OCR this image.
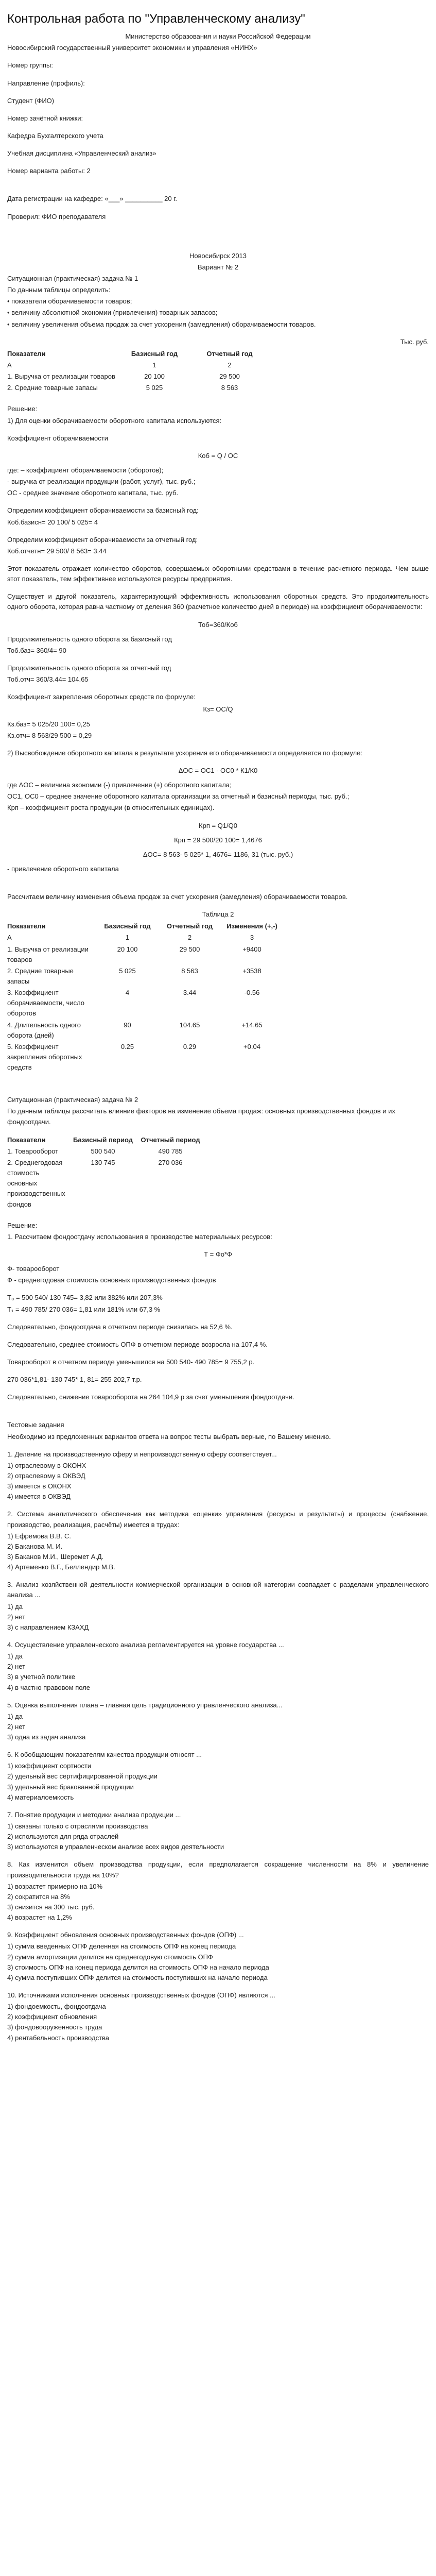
Контрольная работа по "Управленческому анализу"
Министерство образования и науки Российской Федерации
Новосибирский государственный университет экономики и управления «НИНХ»
Номер группы:
Направление (профиль):
Студент (ФИО)
Номер зачётной книжки:
Кафедра Бухгалтерского учета
Учебная дисциплина «Управленческий анализ»
Номер варианта работы: 2
Дата регистрации на кафедре: «___» __________ 20 г.
Проверил: ФИО преподавателя
Новосибирск 2013
Вариант № 2
Ситуационная (практическая) задача № 1
По данным таблицы определить:
• показатели оборачиваемости товаров;
• величину абсолютной экономии (привлечения) товарных запасов;
• величину увеличения объема продаж за счет ускорения (замедления) оборачиваемости товаров.
Тыс. руб.
Показатели	Базисный год	Отчетный год
А	1	2
1. Выручка от реализации товаров	20 100	29 500
2. Средние товарные запасы	5 025	8 563
Решение:
1) Для оценки оборачиваемости оборотного капитала используются:
Коэффициент оборачиваемости
Коб = Q / ОС
где: – коэффициент оборачиваемости (оборотов);
- выручка от реализации продукции (работ, услуг), тыс. руб.;
ОС - среднее значение оборотного капитала, тыс. руб.
Определим коэффициент оборачиваемости за базисный год:
Коб.базисн= 20 100/ 5 025= 4
Определим коэффициент оборачиваемости за отчетный год:
Коб.отчетн= 29 500/ 8 563= 3.44
Этот показатель отражает количество оборотов, совершаемых оборотными средствами в течение расчетного периода. Чем выше этот показатель, тем эффективнее используются ресурсы предприятия.
Существует и другой показатель, характеризующий эффективность использования оборотных средств. Это продолжительность одного оборота, которая равна частному от деления 360 (расчетное количество дней в периоде) на коэффициент оборачиваемости:
Тоб=360/Коб
Продолжительность одного оборота за базисный год
Тоб.баз= 360/4= 90
Продолжительность одного оборота за отчетный год
Тоб.отч= 360/3.44= 104.65
Коэффициент закрепления оборотных средств по формуле:
Кз= ОС/Q
Кз.баз= 5 025/20 100= 0,25
Кз.отч= 8 563/29 500 = 0,29
2) Высвобождение оборотного капитала в результате ускорения его оборачиваемости определяется по формуле:
ΔОС = ОС1 - ОС0 * К1/К0
где ΔОС – величина экономии (-) привлечения (+) оборотного капитала;
ОС1, ОС0 – среднее значение оборотного капитала организации за отчетный и базисный периоды, тыс. руб.;
Крп – коэффициент роста продукции (в относительных единицах).
Крп = Q1/Q0
Крп = 29 500/20 100= 1,4676
ΔОС= 8 563- 5 025* 1, 4676= 1186, 31 (тыс. руб.)
- привлечение оборотного капитала
Рассчитаем величину изменения объема продаж за счет ускорения (замедления) оборачиваемости товаров.
Таблица 2
Показатели	Базисный год	Отчетный год	Изменения (+,-)
А	1	2	3
1. Выручка от реализации товаров	20 100	29 500	+9400
2. Средние товарные запасы	5 025	8 563	+3538
3. Коэффициент оборачиваемости, число оборотов	4	3.44	-0.56
4. Длительность одного оборота (дней)	90	104.65	+14.65
5. Коэффициент закрепления оборотных средств	0.25	0.29	+0.04
Ситуационная (практическая) задача № 2
По данным таблицы рассчитать влияние факторов на изменение объема продаж: основных производственных фондов и их фондоотдачи.
Показатели	Базисный период	Отчетный период
1. Товарооборот	500 540	490 785
2. Среднегодовая стоимость основных производственных фондов	130 745	270 036
Решение:
1. Рассчитаем фондоотдачу использования в производстве материальных ресурсов:
Т = Фо*Ф
Ф- товарооборот
Ф - среднегодовая стоимость основных производственных фондов
Т₀ = 500 540/ 130 745= 3,82 или 382% или 207,3%
Т₁ = 490 785/ 270 036= 1,81 или 181% или 67,3 %
Следовательно, фондоотдача в отчетном периоде снизилась на 52,6 %.
Следовательно, среднее стоимость ОПФ в отчетном периоде возросла на 107,4 %.
Товарооборот в отчетном периоде уменьшился на 500 540- 490 785= 9 755,2 р.
270 036*1,81- 130 745* 1, 81= 255 202,7 т.р.
Следовательно, снижение товарооборота на 264 104,9 р за счет уменьшения фондоотдачи.
Тестовые задания
Необходимо из предложенных вариантов ответа на вопрос тесты выбрать верные, по Вашему мнению.
1. Деление на производственную сферу и непроизводственную сферу соответствует...
1) отраслевому в ОКОНХ
2) отраслевому в ОКВЭД
3) имеется в ОКОНХ
4) имеется в ОКВЭД
2. Система аналитического обеспечения как методика «оценки» управления (ресурсы и результаты) и процессы (снабжение, производство, реализация, расчёты) имеется в трудах:
1) Ефремова В.В. С.
2) Баканова М. И.
3) Баканов М.И., Шеремет А.Д.
4) Артеменко В.Г., Беллендир М.В.
3. Анализ хозяйственной деятельности коммерческой организации в основной категории совпадает с разделами управленческого анализа ...
1) да
2) нет
3) с направлением КЗАХД
4. Осуществление управленческого анализа регламентируется на уровне государства ...
1) да
2) нет
3) в учетной политике
4) в частно правовом поле
5. Оценка выполнения плана – главная цель традиционного управленческого анализа...
1) да
2) нет
3) одна из задач анализа
6. К обобщающим показателям качества продукции относят ...
1) коэффициент сортности
2) удельный вес сертифицированной продукции
3) удельный вес бракованной продукции
4) материалоемкость
7. Понятие продукции и методики анализа продукции ...
1) связаны только с отраслями производства
2) используются для ряда отраслей
3) используются в управленческом анализе всех видов деятельности
8. Как изменится объем производства продукции, если предполагается сокращение численности на 8% и увеличение производительности труда на 10%?
1) возрастет примерно на 10%
2) сократится на 8%
3) снизится на 300 тыс. руб.
4) возрастет на 1,2%
9. Коэффициент обновления основных производственных фондов (ОПФ) ...
1) сумма введенных ОПФ деленная на стоимость ОПФ на конец периода
2) сумма амортизации делится на среднегодовую стоимость ОПФ
3) стоимость ОПФ на конец периода делится на стоимость ОПФ на начало периода
4) сумма поступивших ОПФ делится на стоимость поступивших на начало периода
10. Источниками исполнения основных производственных фондов (ОПФ) являются ...
1) фондоемкость, фондоотдача
2) коэффициент обновления
3) фондовооруженность труда
4) рентабельность производства
